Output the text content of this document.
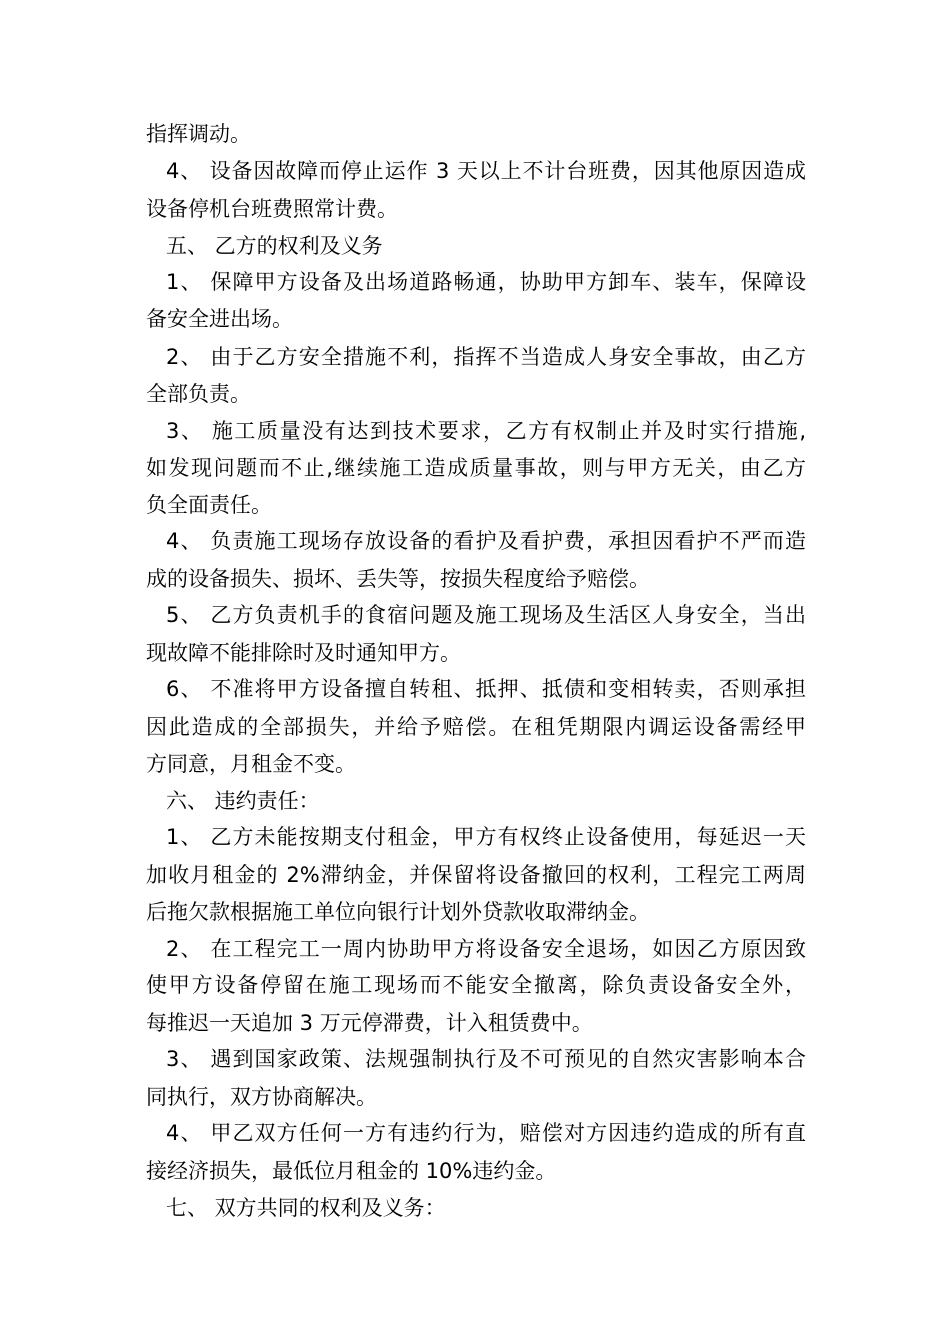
指挥调动。
4、 设备因故障而停止运作 3 天以上不计台班费，因其他原因造成
设备停机台班费照常计费。
五、 乙方的权利及义务
1、 保障甲方设备及出场道路畅通，协助甲方卸车、装车，保障设
备安全进出场。
2、 由于乙方安全措施不利，指挥不当造成人身安全事故，由乙方
全部负责。
3、 施工质量没有达到技术要求，乙方有权制止并及时实行措施,
如发现问题而不止,继续施工造成质量事故，则与甲方无关，由乙方
负全面责任。
4、 负责施工现场存放设备的看护及看护费，承担因看护不严而造
成的设备损失、损坏、丢失等，按损失程度给予赔偿。
5、 乙方负责机手的食宿问题及施工现场及生活区人身安全，当出
现故障不能排除时及时通知甲方。
6、 不准将甲方设备擅自转租、抵押、抵债和变相转卖，否则承担
因此造成的全部损失，并给予赔偿。在租凭期限内调运设备需经甲
方同意，月租金不变。
六、 违约责任：
1、 乙方未能按期支付租金，甲方有权终止设备使用，每延迟一天
加收月租金的 2%滞纳金，并保留将设备撤回的权利，工程完工两周
后拖欠款根据施工单位向银行计划外贷款收取滞纳金。
2、 在工程完工一周内协助甲方将设备安全退场，如因乙方原因致
使甲方设备停留在施工现场而不能安全撤离，除负责设备安全外，
每推迟一天追加 3 万元停滞费，计入租赁费中。
3、 遇到国家政策、法规强制执行及不可预见的自然灾害影响本合
同执行，双方协商解决。
4、 甲乙双方任何一方有违约行为，赔偿对方因违约造成的所有直
接经济损失，最低位月租金的 10%违约金。
七、 双方共同的权利及义务：
